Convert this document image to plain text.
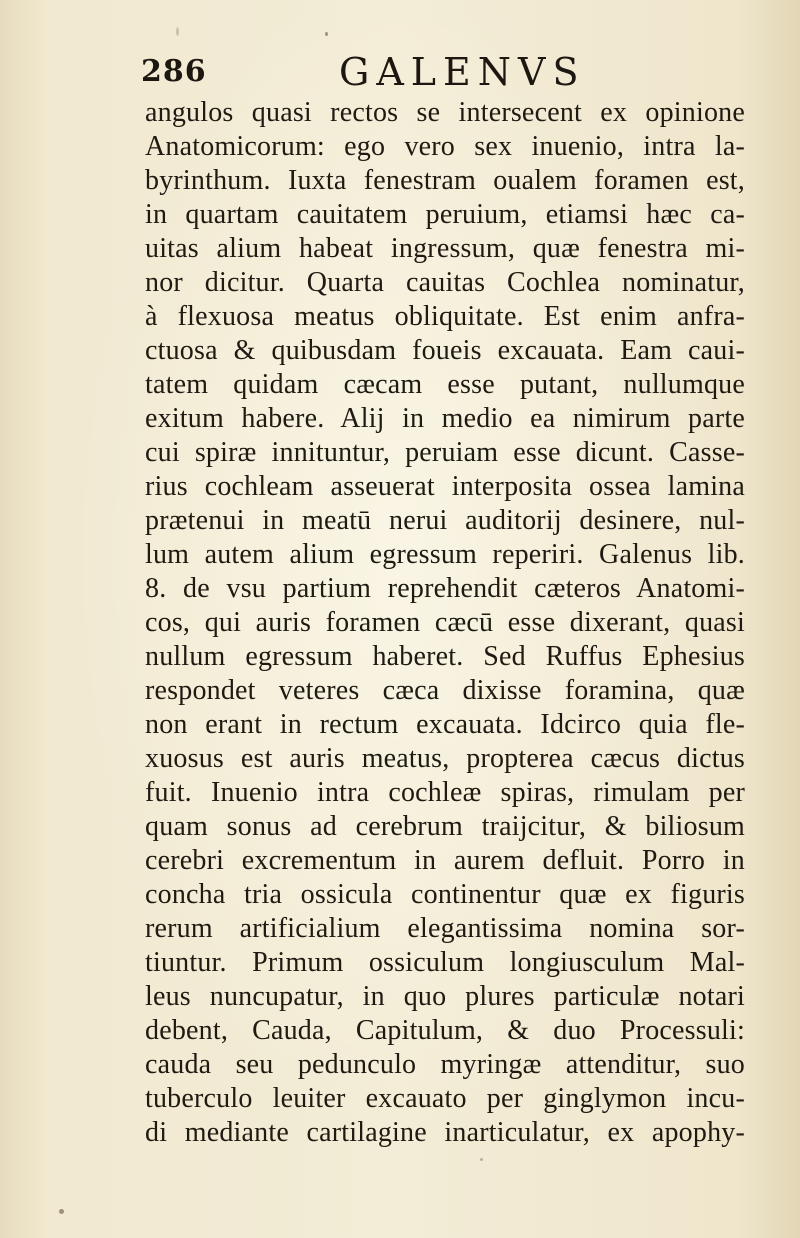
286	GALENVS
angulos quasi rectos se intersecent ex opinione
Anatomicorum: ego vero sex inuenio, intra la-
byrinthum. Iuxta fenestram oualem foramen est,
in quartam cauitatem peruium, etiamsi hæc ca-
uitas alium habeat ingressum, quæ fenestra mi-
nor dicitur. Quarta cauitas Cochlea nominatur,
à flexuosa meatus obliquitate. Est enim anfra-
ctuosa & quibusdam foueis excauata. Eam caui-
tatem quidam cæcam esse putant, nullumque
exitum habere. Alij in medio ea nimirum parte
cui spiræ innituntur, peruiam esse dicunt. Casse-
rius cochleam asseuerat interposita ossea lamina
prætenui in meatū nerui auditorij desinere, nul-
lum autem alium egressum reperiri. Galenus lib.
8. de vsu partium reprehendit cæteros Anatomi-
cos, qui auris foramen cæcū esse dixerant, quasi
nullum egressum haberet. Sed Ruffus Ephesius
respondet veteres cæca dixisse foramina, quæ
non erant in rectum excauata. Idcirco quia fle-
xuosus est auris meatus, propterea cæcus dictus
fuit. Inuenio intra cochleæ spiras, rimulam per
quam sonus ad cerebrum traijcitur, & biliosum
cerebri excrementum in aurem defluit. Porro in
concha tria ossicula continentur quæ ex figuris
rerum artificialium elegantissima nomina sor-
tiuntur. Primum ossiculum longiusculum Mal-
leus nuncupatur, in quo plures particulæ notari
debent, Cauda, Capitulum, & duo Processuli:
cauda seu pedunculo myringæ attenditur, suo
tuberculo leuiter excauato per ginglymon incu-
di mediante cartilagine inarticulatur, ex apophy-
